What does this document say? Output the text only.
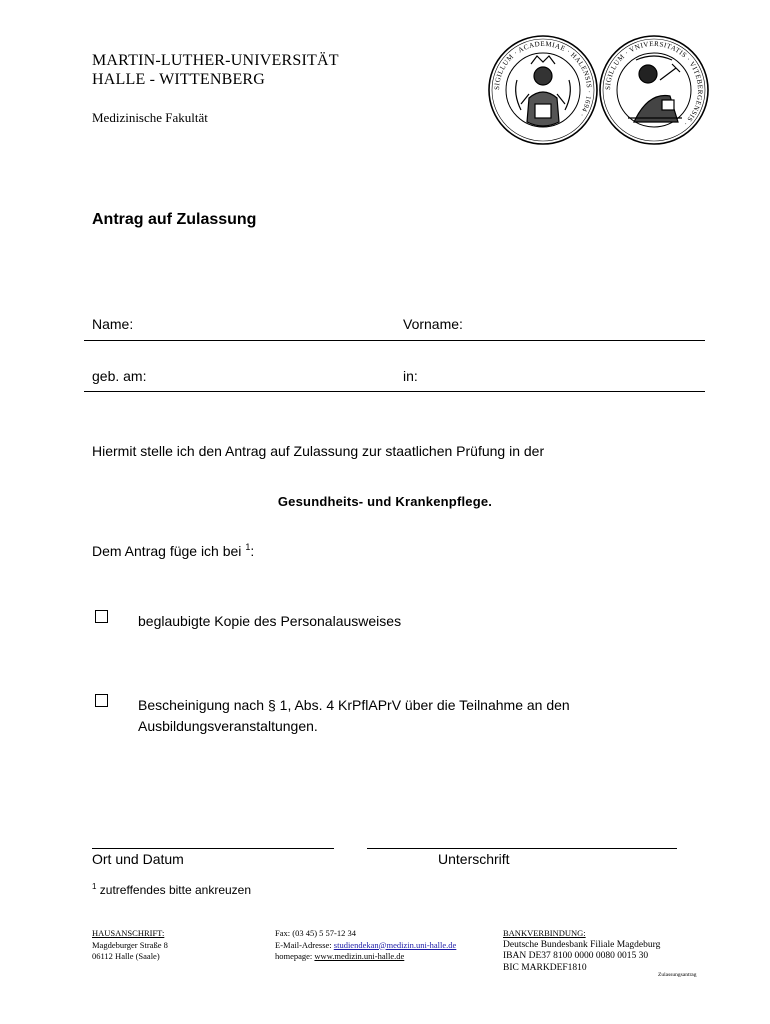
MARTIN-LUTHER-UNIVERSITÄT
HALLE - WITTENBERG
Medizinische Fakultät
SIGILLUM · ACADEMIAE · HALENSIS · 1694 ·
SIGILLUM · VNIVERSITATIS · VITEBERGENSIS ·
Antrag auf Zulassung
Name:	Vorname:
geb. am:	in:
Hiermit stelle ich den Antrag auf Zulassung zur staatlichen Prüfung in der
Gesundheits- und Krankenpflege.
Dem Antrag füge ich bei $^1$:
beglaubigte Kopie des Personalausweises
Bescheinigung nach § 1, Abs. 4 KrPflAPrV über die Teilnahme an den Ausbildungsveranstaltungen.
Ort und Datum	Unterschrift
$^1$ zutreffendes bitte ankreuzen
HAUSANSCHRIFT:
Magdeburger Straße 8
06112 Halle (Saale)
Fax: (03 45) 5 57-12 34
E-Mail-Adresse: studiendekan@medizin.uni-halle.de
homepage: www.medizin.uni-halle.de
BANKVERBINDUNG:
Deutsche Bundesbank Filiale Magdeburg
IBAN DE37 8100 0000 0080 0015 30
BIC MARKDEF1810
Zulassungsantrag
